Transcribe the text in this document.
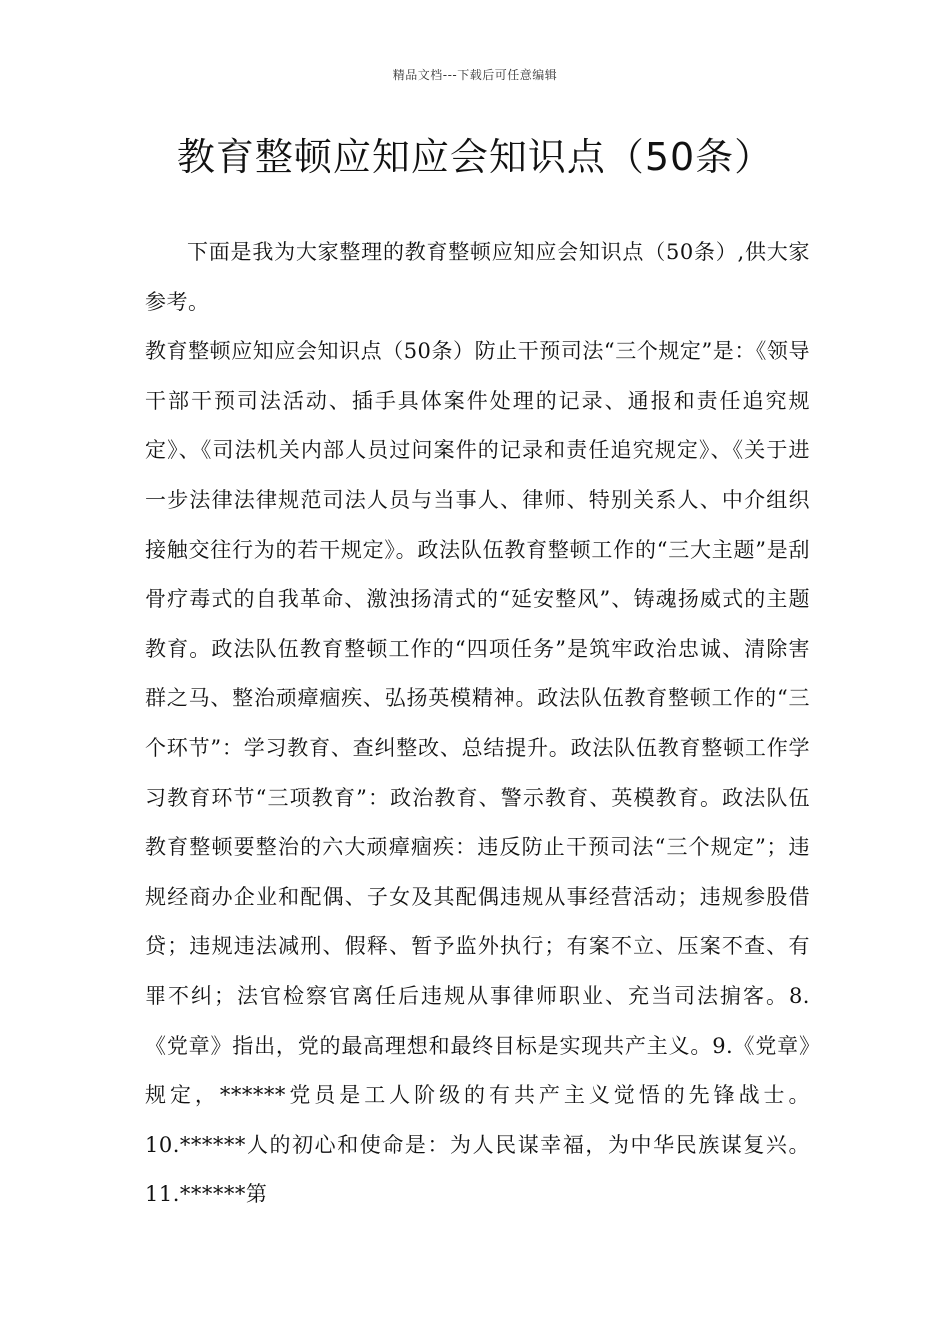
精品文档---下载后可任意编辑
教育整顿应知应会知识点（50条）

下面是我为大家整理的教育整顿应知应会知识点（50条）,供大家参考。

教育整顿应知应会知识点（50条）防止干预司法“三个规定”是：《领导干部干预司法活动、插手具体案件处理的记录、通报和责任追究规定》、《司法机关内部人员过问案件的记录和责任追究规定》、《关于进一步法律法律规范司法人员与当事人、律师、特别关系人、中介组织接触交往行为的若干规定》。政法队伍教育整顿工作的“三大主题”是刮骨疗毒式的自我革命、激浊扬清式的“延安整风”、铸魂扬威式的主题教育。政法队伍教育整顿工作的“四项任务”是筑牢政治忠诚、清除害群之马、整治顽瘴痼疾、弘扬英模精神。政法队伍教育整顿工作的“三个环节”：学习教育、查纠整改、总结提升。政法队伍教育整顿工作学习教育环节“三项教育”：政治教育、警示教育、英模教育。政法队伍教育整顿要整治的六大顽瘴痼疾：违反防止干预司法“三个规定”；违规经商办企业和配偶、子女及其配偶违规从事经营活动；违规参股借贷；违规违法减刑、假释、暂予监外执行；有案不立、压案不查、有罪不纠；法官检察官离任后违规从事律师职业、充当司法掮客。8.《党章》指出，党的最高理想和最终目标是实现共产主义。9.《党章》规定，******党员是工人阶级的有共产主义觉悟的先锋战士。10.******人的初心和使命是：为人民谋幸福，为中华民族谋复兴。11.******第
